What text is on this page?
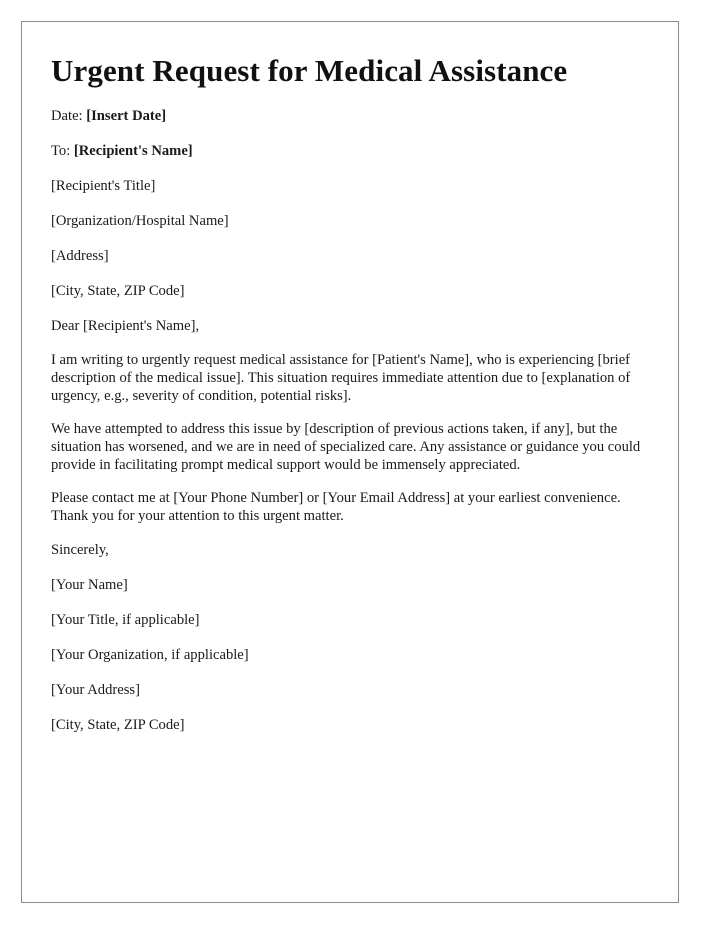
Urgent Request for Medical Assistance

Date: [Insert Date]

To: [Recipient's Name]

[Recipient's Title]

[Organization/Hospital Name]

[Address]

[City, State, ZIP Code]

Dear [Recipient's Name],

I am writing to urgently request medical assistance for [Patient's Name], who is experiencing [brief description of the medical issue]. This situation requires immediate attention due to [explanation of urgency, e.g., severity of condition, potential risks].

We have attempted to address this issue by [description of previous actions taken, if any], but the situation has worsened, and we are in need of specialized care. Any assistance or guidance you could provide in facilitating prompt medical support would be immensely appreciated.

Please contact me at [Your Phone Number] or [Your Email Address] at your earliest convenience. Thank you for your attention to this urgent matter.

Sincerely,

[Your Name]

[Your Title, if applicable]

[Your Organization, if applicable]

[Your Address]

[City, State, ZIP Code]
